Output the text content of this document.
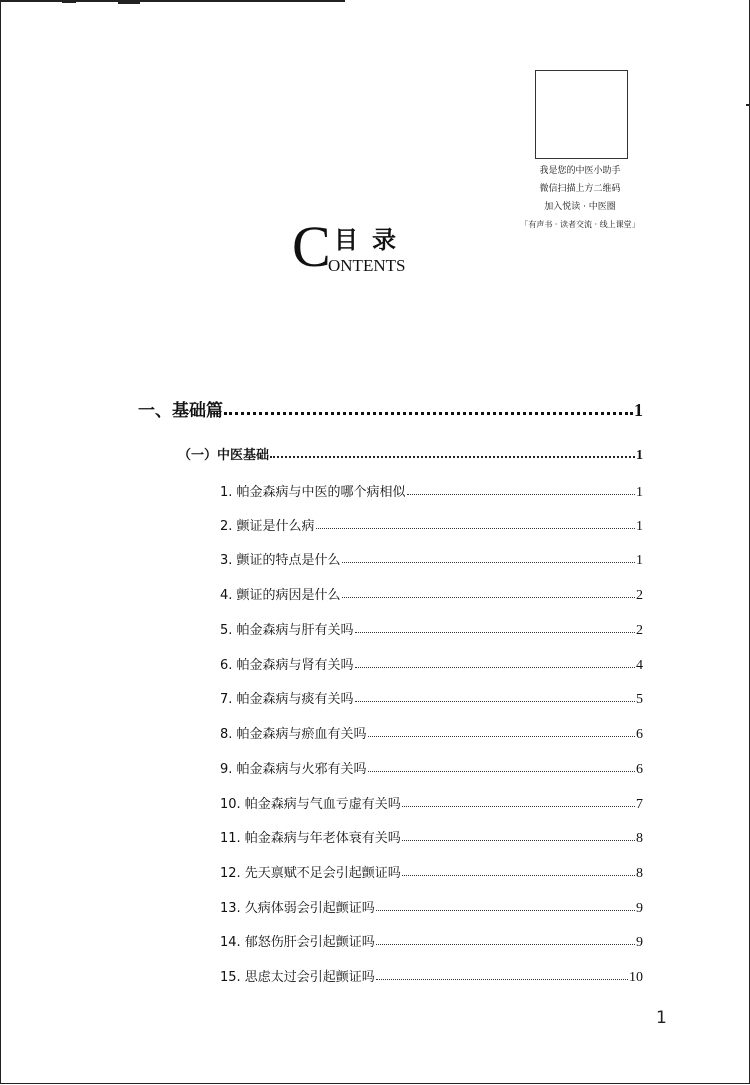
我是您的中医小助手
微信扫描上方二维码
加入悦读 · 中医圈
「有声书 · 读者交流 · 线上课堂」
C 目录
ONTENTS
一、基础篇	1
（一）中医基础	1
1. 帕金森病与中医的哪个病相似	1
2. 颤证是什么病	1
3. 颤证的特点是什么	1
4. 颤证的病因是什么	2
5. 帕金森病与肝有关吗	2
6. 帕金森病与肾有关吗	4
7. 帕金森病与痰有关吗	5
8. 帕金森病与瘀血有关吗	6
9. 帕金森病与火邪有关吗	6
10. 帕金森病与气血亏虚有关吗	7
11. 帕金森病与年老体衰有关吗	8
12. 先天禀赋不足会引起颤证吗	8
13. 久病体弱会引起颤证吗	9
14. 郁怒伤肝会引起颤证吗	9
15. 思虑太过会引起颤证吗	10
1
